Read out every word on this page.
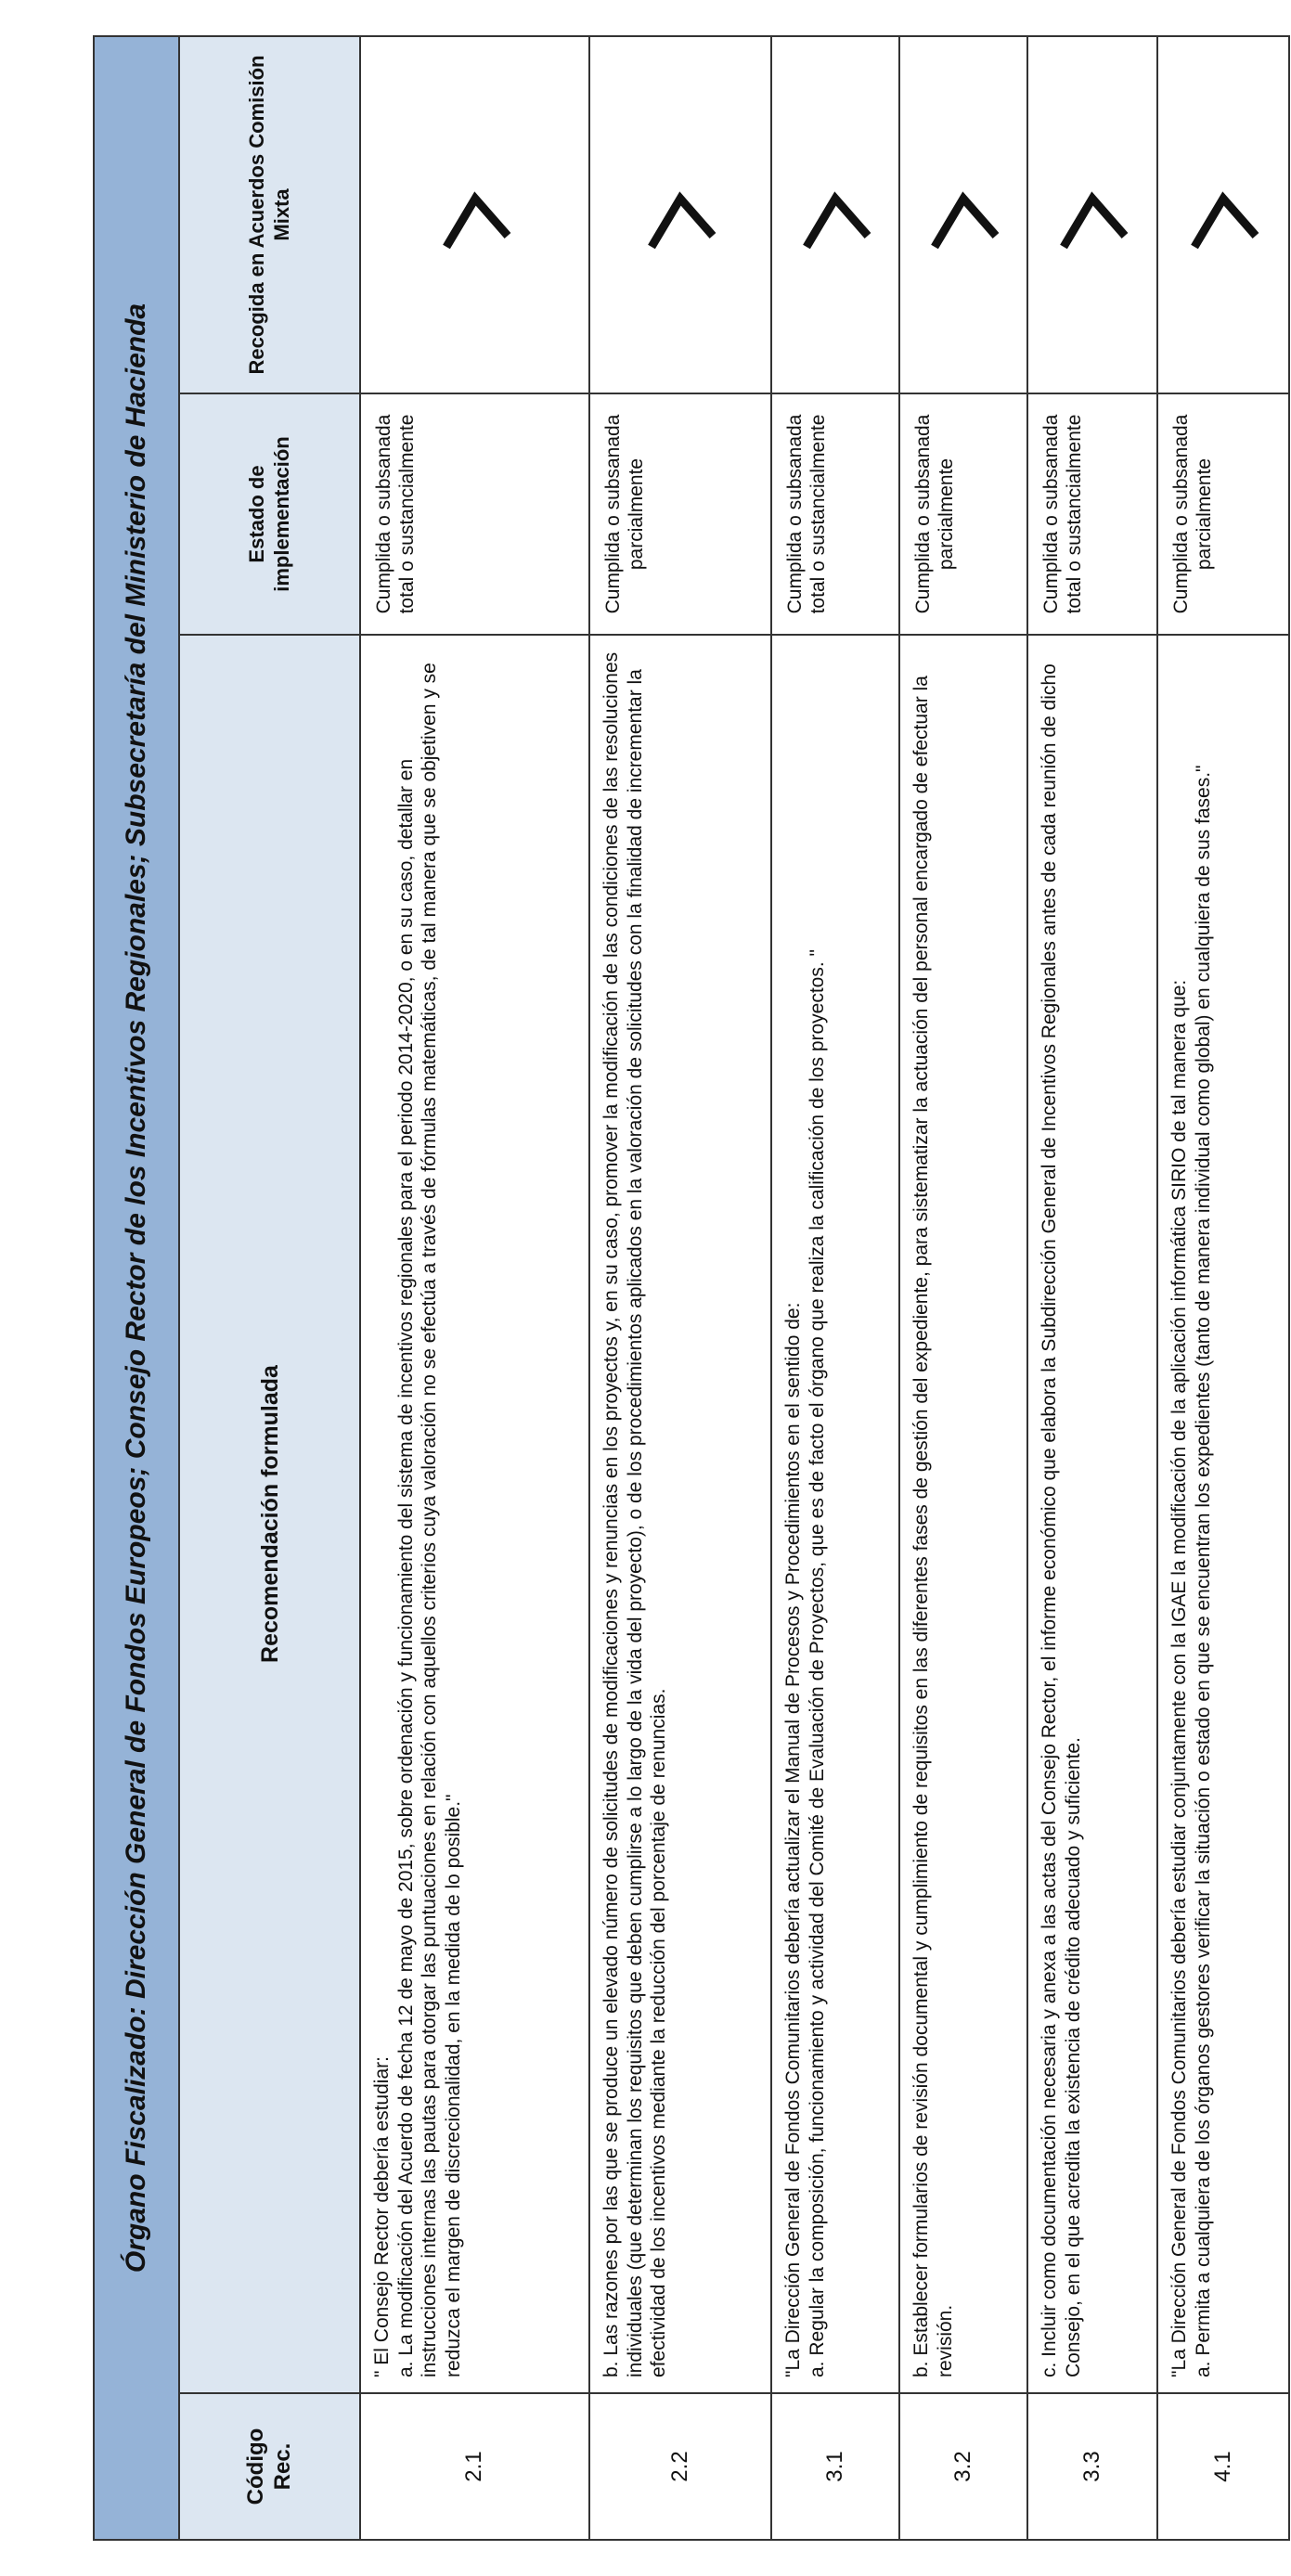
Órgano Fiscalizado: Dirección General de Fondos Europeos; Consejo Rector de los Incentivos Regionales; Subsecretaría del Ministerio de Hacienda
Código Rec.
Recomendación formulada
Estado de implementación
Recogida en Acuerdos Comisión Mixta
2.1
" El Consejo Rector debería estudiar:
a. La modificación del Acuerdo de fecha 12 de mayo de 2015, sobre ordenación y funcionamiento del sistema de incentivos regionales para el periodo 2014-2020, o en su caso, detallar en instrucciones internas las pautas para otorgar las puntuaciones en relación con aquellos criterios cuya valoración no se efectúa a través de fórmulas matemáticas, de tal manera que se objetiven y se reduzca el margen de discrecionalidad, en la medida de lo posible."
Cumplida o subsanada total o sustancialmente
2.2
b. Las razones por las que se produce un elevado número de solicitudes de modificaciones y renuncias en los proyectos y, en su caso, promover la modificación de las condiciones de las resoluciones individuales (que determinan los requisitos que deben cumplirse a lo largo de la vida del proyecto), o de los procedimientos aplicados en la valoración de solicitudes con la finalidad de incrementar la efectividad de los incentivos mediante la reducción del porcentaje de renuncias.
Cumplida o subsanada parcialmente
3.1
"La Dirección General de Fondos Comunitarios debería actualizar el Manual de Procesos y Procedimientos en el sentido de:
a. Regular la composición, funcionamiento y actividad del Comité de Evaluación de Proyectos, que es de facto el órgano que realiza la calificación de los proyectos. "
Cumplida o subsanada total o sustancialmente
3.2
b. Establecer formularios de revisión documental y cumplimiento de requisitos en las diferentes fases de gestión del expediente, para sistematizar la actuación del personal encargado de efectuar la revisión.
Cumplida o subsanada parcialmente
3.3
c. Incluir como documentación necesaria y anexa a las actas del Consejo Rector, el informe económico que elabora la Subdirección General de Incentivos Regionales antes de cada reunión de dicho Consejo, en el que acredita la existencia de crédito adecuado y suficiente.
Cumplida o subsanada total o sustancialmente
4.1
"La Dirección General de Fondos Comunitarios debería estudiar conjuntamente con la IGAE la modificación de la aplicación informática SIRIO de tal manera que:
a. Permita a cualquiera de los órganos gestores verificar la situación o estado en que se encuentran los expedientes (tanto de manera individual como global) en cualquiera de sus fases."
Cumplida o subsanada parcialmente
